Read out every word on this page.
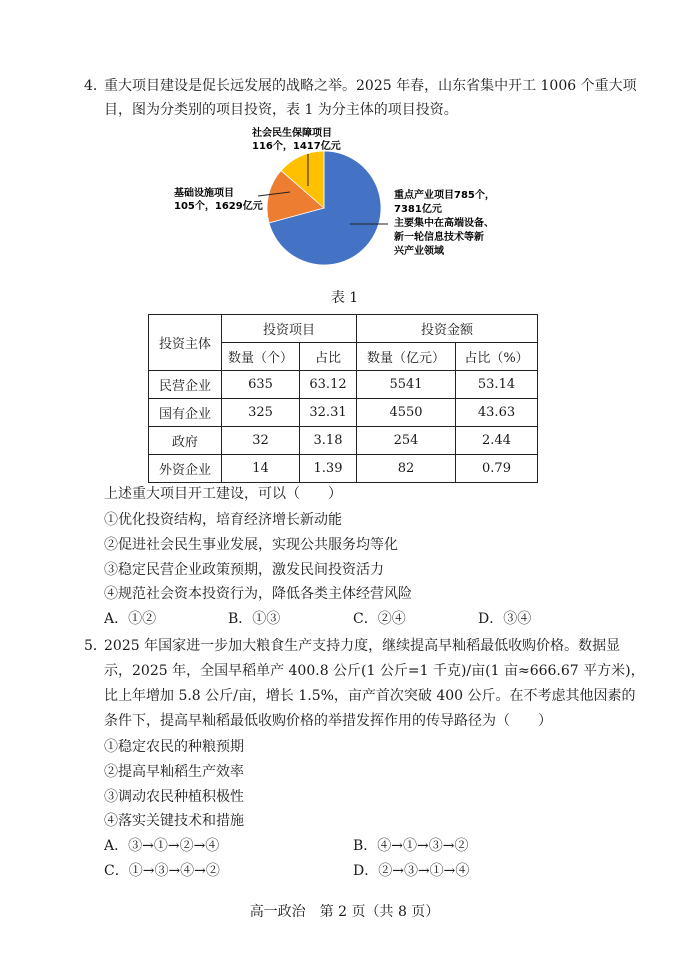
4．
重大项目建设是促长远发展的战略之举。2025 年春，山东省集中开工 1006 个重大项
目，图为分类别的项目投资，表 1 为分主体的项目投资。
社会民生保障项目
116个，1417亿元
基础设施项目
105个，1629亿元
重点产业项目785个，
7381亿元
主要集中在高端设备、
新一轮信息技术等新
兴产业领域
表 1
投资主体	投资项目		投资金额	
	数量（个）	占比	数量（亿元）	占比（%）
民营企业	635	63.12	5541	53.14
国有企业	325	32.31	4550	43.63
政府	32	3.18	254	2.44
外资企业	14	1.39	82	0.79
上述重大项目开工建设，可以（　　）
①优化投资结构，培育经济增长新动能
②促进社会民生事业发展，实现公共服务均等化
③稳定民营企业政策预期，激发民间投资活力
④规范社会资本投资行为，降低各类主体经营风险
A．①②	B．①③	C．②④	D．③④
5．
2025 年国家进一步加大粮食生产支持力度，继续提高早籼稻最低收购价格。数据显
示，2025 年，全国早稻单产 400.8 公斤(1 公斤=1 千克)/亩(1 亩≈666.67 平方米)，
比上年增加 5.8 公斤/亩，增长 1.5%，亩产首次突破 400 公斤。在不考虑其他因素的
条件下，提高早籼稻最低收购价格的举措发挥作用的传导路径为（　　）
①稳定农民的种粮预期
②提高早籼稻生产效率
③调动农民种植积极性
④落实关键技术和措施
A．③→①→②→④	B．④→①→③→②
C．①→③→④→②	D．②→③→①→④
高一政治　第 2 页（共 8 页）
